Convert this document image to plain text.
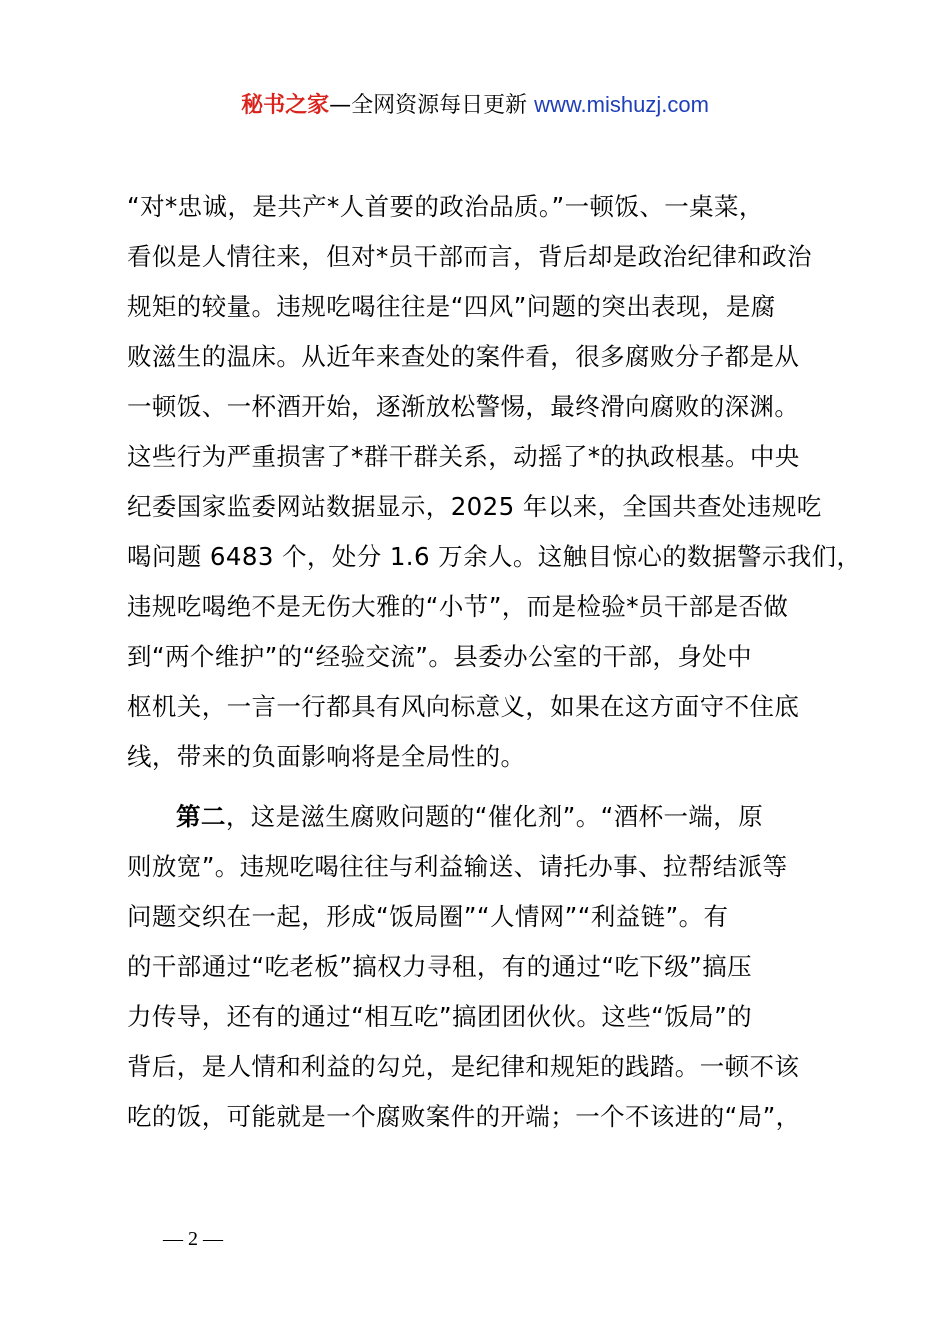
秘书之家—全网资源每日更新 www.mishuzj.com
“对*忠诚，是共产*人首要的政治品质。”一顿饭、一桌菜，
看似是人情往来，但对*员干部而言，背后却是政治纪律和政治
规矩的较量。违规吃喝往往是“四风”问题的突出表现，是腐
败滋生的温床。从近年来查处的案件看，很多腐败分子都是从
一顿饭、一杯酒开始，逐渐放松警惕，最终滑向腐败的深渊。
这些行为严重损害了*群干群关系，动摇了*的执政根基。中央
纪委国家监委网站数据显示，2025 年以来，全国共查处违规吃
喝问题 6483 个，处分 1.6 万余人。这触目惊心的数据警示我们，
违规吃喝绝不是无伤大雅的“小节”，而是检验*员干部是否做
到“两个维护”的“经验交流”。县委办公室的干部，身处中
枢机关，一言一行都具有风向标意义，如果在这方面守不住底
线，带来的负面影响将是全局性的。
第二，这是滋生腐败问题的“催化剂”。“酒杯一端，原
则放宽”。违规吃喝往往与利益输送、请托办事、拉帮结派等
问题交织在一起，形成“饭局圈”“人情网”“利益链”。有
的干部通过“吃老板”搞权力寻租，有的通过“吃下级”搞压
力传导，还有的通过“相互吃”搞团团伙伙。这些“饭局”的
背后，是人情和利益的勾兑，是纪律和规矩的践踏。一顿不该
吃的饭，可能就是一个腐败案件的开端；一个不该进的“局”，
— 2 —
